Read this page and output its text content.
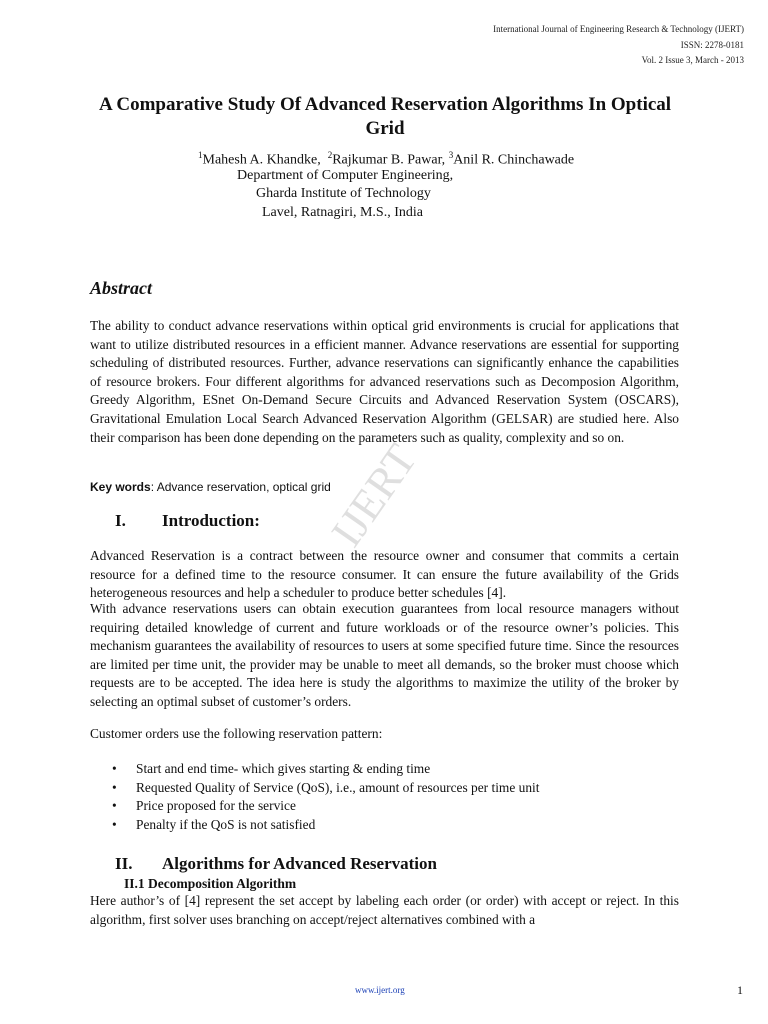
International Journal of Engineering Research & Technology (IJERT)
ISSN: 2278-0181
Vol. 2 Issue 3, March - 2013
A Comparative Study Of Advanced Reservation Algorithms In Optical Grid
$^1$Mahesh A. Khandke, $^2$Rajkumar B. Pawar, $^3$Anil R. Chinchawade
Department of Computer Engineering,
Gharda Institute of Technology
Lavel, Ratnagiri, M.S., India
Abstract
The ability to conduct advance reservations within optical grid environments is crucial for applications that want to utilize distributed resources in a efficient manner. Advance reservations are essential for supporting scheduling of distributed resources. Further, advance reservations can significantly enhance the capabilities of resource brokers. Four different algorithms for advanced reservations such as Decomposion Algorithm, Greedy Algorithm, ESnet On-Demand Secure Circuits and Advanced Reservation System (OSCARS), Gravitational Emulation Local Search Advanced Reservation Algorithm (GELSAR) are studied here. Also their comparison has been done depending on the parameters such as quality, complexity and so on.
Key words: Advance reservation, optical grid
I. Introduction: IJERT
Advanced Reservation is a contract between the resource owner and consumer that commits a certain resource for a defined time to the resource consumer. It can ensure the future availability of the Grids heterogeneous resources and help a scheduler to produce better schedules [4].
With advance reservations users can obtain execution guarantees from local resource managers without requiring detailed knowledge of current and future workloads or of the resource owner’s policies. This mechanism guarantees the availability of resources to users at some specified future time. Since the resources are limited per time unit, the provider may be unable to meet all demands, so the broker must choose which requests are to be accepted. The idea here is study the algorithms to maximize the utility of the broker by selecting an optimal subset of customer’s orders.
Customer orders use the following reservation pattern:
• Start and end time- which gives starting & ending time
• Requested Quality of Service (QoS), i.e., amount of resources per time unit
• Price proposed for the service
• Penalty if the QoS is not satisfied
II. Algorithms for Advanced Reservation
II.1 Decomposition Algorithm
Here author’s of [4] represent the set accept by labeling each order (or order) with accept or reject. In this algorithm, first solver uses branching on accept/reject alternatives combined with a
www.ijert.org	1
